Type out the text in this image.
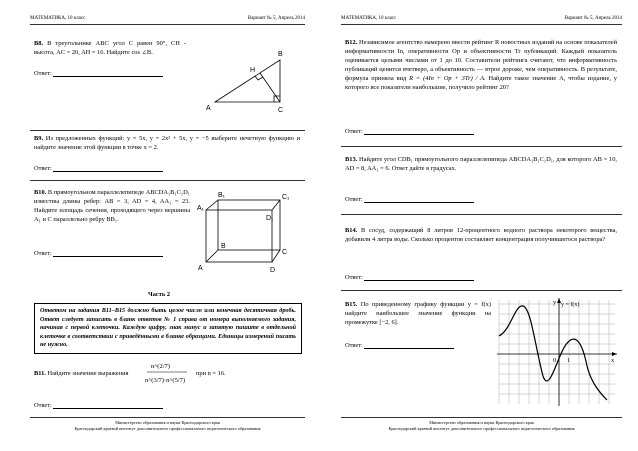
МАТЕМАТИКА, 10 класс	Вариант № 5, Апрель 2014
В8. В треугольнике ABC угол C равен 90°, CH - высота, AC = 20, AH = 16. Найдите cos ∠B.
Ответ:
B
H
A	C
В9. Из предложенных функций: y = 5x, y = 2x² + 5x, y = −5 выберите нечетную функцию и найдите значение этой функции в точке x = 2.
Ответ:
В10. В прямоугольном параллелепипеде ABCDA₁B₁C₁D₁ известны длины ребер: AB = 3, AD = 4, AA₁ = 23. Найдите площадь сечения, проходящего через вершины A₁ и C параллельно ребру BB₁.
Ответ:
B₁	C₁
A₁
D₁
B
C
A	D
Часть 2
Ответом на задания В11–В15 должно быть целое число или конечная десятичная дробь. Ответ следует записать в бланк ответов № 1 справа от номера выполняемого задания, начиная с первой клеточки. Каждую цифру, знак минус и запятую пишите в отдельной клеточке в соответствии с приведёнными в бланке образцами. Единицы измерений писать не нужно.
В11. Найдите значение выражения
n^(2/7)
n^(3/7)·n^(5/7)
при n = 16.
Ответ:
Министерство образования и науки Краснодарского края
Краснодарский краевой институт дополнительного профессионального педагогического образования
МАТЕМАТИКА, 10 класс	Вариант № 5, Апрель 2014
В12. Независимое агентство намерено ввести рейтинг R новостных изданий на основе показателей информативности In, оперативности Op и объективности Tr публикаций. Каждый показатель оценивается целыми числами от 1 до 10. Составители рейтинга считают, что информативность публикаций ценится вчетверо, а объективность — втрое дороже, чем оперативность. В результате, формула приняла вид R = (4In + Op + 3Tr) / A. Найдите такое значение A, чтобы издание, у которого все показатели наибольшие, получило рейтинг 20?
Ответ:
В13. Найдите угол CDB₁ прямоугольного параллелепипеда ABCDA₁B₁C₁D₁, для которого AB = 10, AD = 8, AA₁ = 6. Ответ дайте в градусах.
Ответ:
В14. В сосуд, содержащий 8 литров 12-процентного водного раствора некоторого вещества, добавили 4 литра воды. Сколько процентов составляет концентрация получившегося раствора?
Ответ:
В15. По приведенному графику функции y = f(x) найдите наибольшее значение функции на промежутке [−2, 6].
Ответ:
y = f(x)
x
y
0 1
Министерство образования и науки Краснодарского края
Краснодарский краевой институт дополнительного профессионального педагогического образования
